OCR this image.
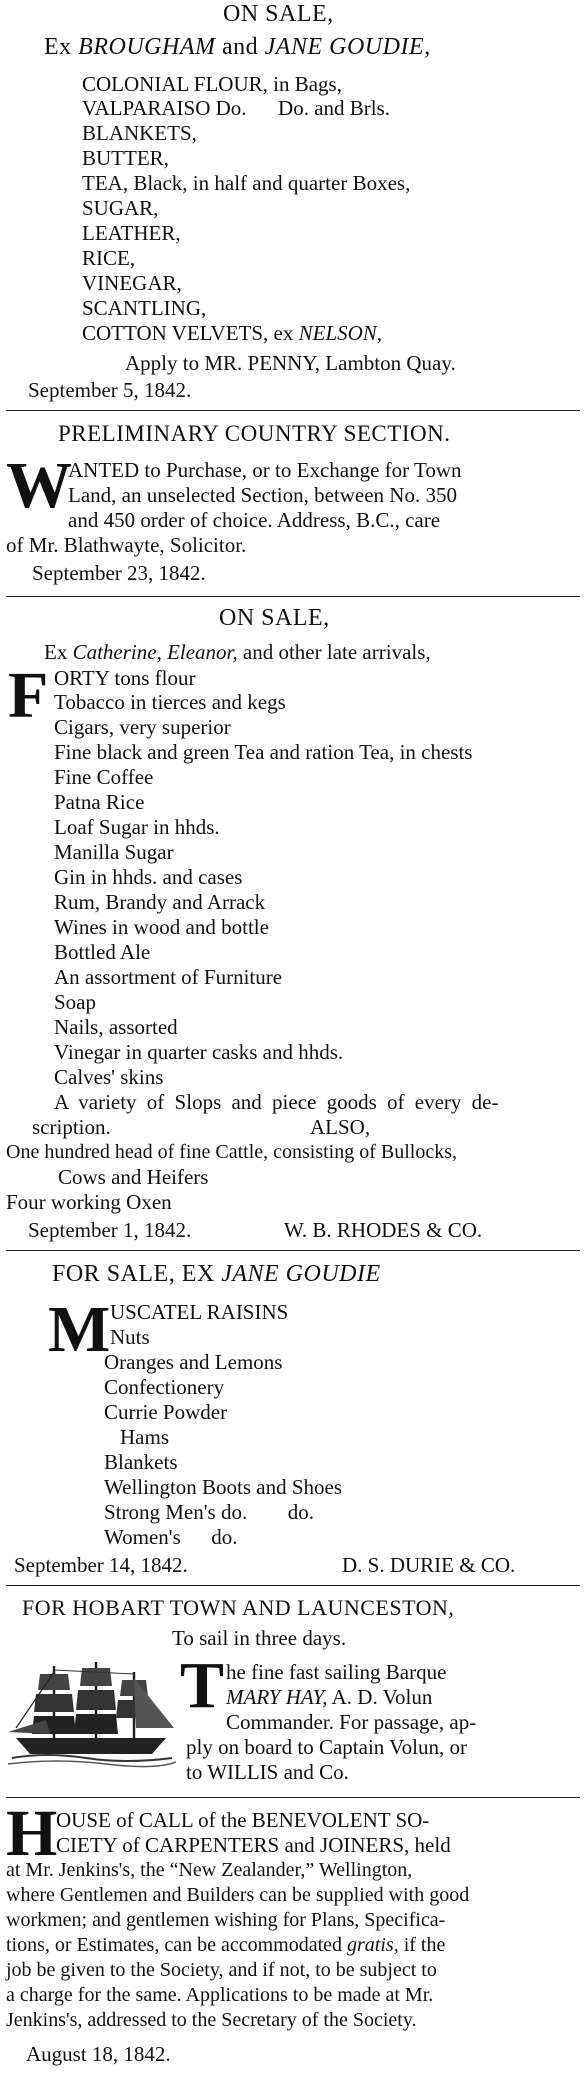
ON SALE,
Ex BROUGHAM and JANE GOUDIE,
COLONIAL FLOUR, in Bags,
VALPARAISO Do.      Do. and Brls.
BLANKETS,
BUTTER,
TEA, Black, in half and quarter Boxes,
SUGAR,
LEATHER,
RICE,
VINEGAR,
SCANTLING,
COTTON VELVETS, ex NELSON,
Apply to MR. PENNY, Lambton Quay.
September 5, 1842.
PRELIMINARY COUNTRY SECTION.
W
ANTED to Purchase, or to Exchange for Town
Land, an unselected Section, between No. 350
and 450 order of choice. Address, B.C., care
of Mr. Blathwayte, Solicitor.
September 23, 1842.
ON SALE,
Ex Catherine, Eleanor, and other late arrivals,
F ORTY tons flour
Tobacco in tierces and kegs
Cigars, very superior
Fine black and green Tea and ration Tea, in chests
Fine Coffee
Patna Rice
Loaf Sugar in hhds.
Manilla Sugar
Gin in hhds. and cases
Rum, Brandy and Arrack
Wines in wood and bottle
Bottled Ale
An assortment of Furniture
Soap
Nails, assorted
Vinegar in quarter casks and hhds.
Calves' skins
A variety of Slops and piece goods of every de-
scription.	ALSO,
One hundred head of fine Cattle, consisting of Bullocks,
Cows and Heifers
Four working Oxen
September 1, 1842.	W. B. RHODES & CO.
FOR SALE, EX JANE GOUDIE
M USCATEL RAISINS
Nuts
Oranges and Lemons
Confectionery
Currie Powder
Hams
Blankets
Wellington Boots and Shoes
Strong Men's do. do.
Women's do.
September 14, 1842.	D. S. DURIE & CO.
FOR HOBART TOWN AND LAUNCESTON,
To sail in three days.
T he fine fast sailing Barque
MARY HAY, A. D. Volun
Commander. For passage, ap-
ply on board to Captain Volun, or
to WILLIS and Co.
H
OUSE of CALL of the BENEVOLENT SO-
CIETY of CARPENTERS and JOINERS, held
at Mr. Jenkins's, the “New Zealander,” Wellington,
where Gentlemen and Builders can be supplied with good
workmen; and gentlemen wishing for Plans, Specifica-
tions, or Estimates, can be accommodated gratis, if the
job be given to the Society, and if not, to be subject to
a charge for the same. Applications to be made at Mr.
Jenkins's, addressed to the Secretary of the Society.
August 18, 1842.
